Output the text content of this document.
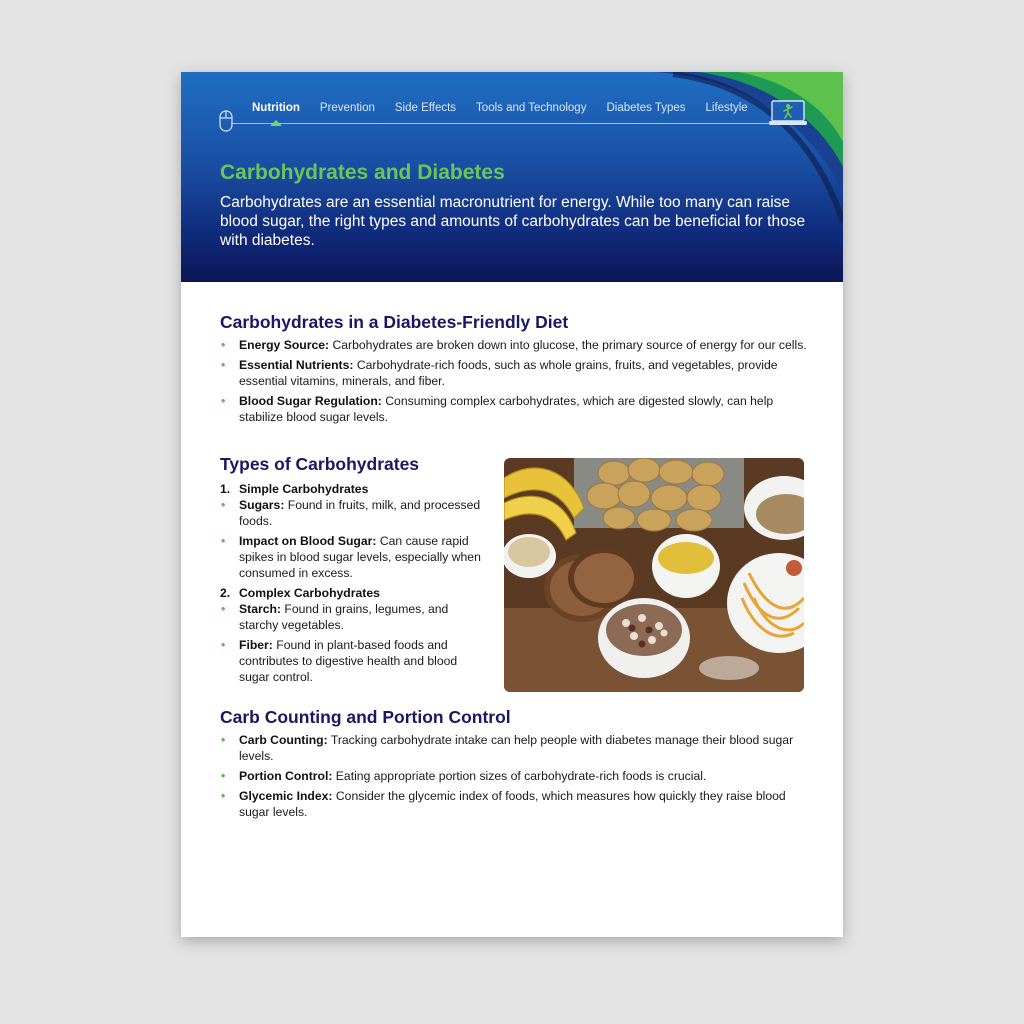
Nutrition Prevention Side Effects Tools and Technology Diabetes Types Lifestyle
Carbohydrates and Diabetes

Carbohydrates are an essential macronutrient for energy. While too many can raise blood sugar, the right types and amounts of carbohydrates can be beneficial for those with diabetes.

Carbohydrates in a Diabetes-Friendly Diet
• Energy Source: Carbohydrates are broken down into glucose, the primary source of energy for our cells.
• Essential Nutrients: Carbohydrate-rich foods, such as whole grains, fruits, and vegetables, provide essential vitamins, minerals, and fiber.
• Blood Sugar Regulation: Consuming complex carbohydrates, which are digested slowly, can help stabilize blood sugar levels.
Types of Carbohydrates
1. Simple Carbohydrates
• Sugars: Found in fruits, milk, and processed foods.
• Impact on Blood Sugar: Can cause rapid spikes in blood sugar levels, especially when consumed in excess.
2. Complex Carbohydrates
• Starch: Found in grains, legumes, and starchy vegetables.
• Fiber: Found in plant-based foods and contributes to digestive health and blood sugar control.
Carb Counting and Portion Control
• Carb Counting: Tracking carbohydrate intake can help people with diabetes manage their blood sugar levels.
• Portion Control: Eating appropriate portion sizes of carbohydrate-rich foods is crucial.
• Glycemic Index: Consider the glycemic index of foods, which measures how quickly they raise blood sugar levels.
